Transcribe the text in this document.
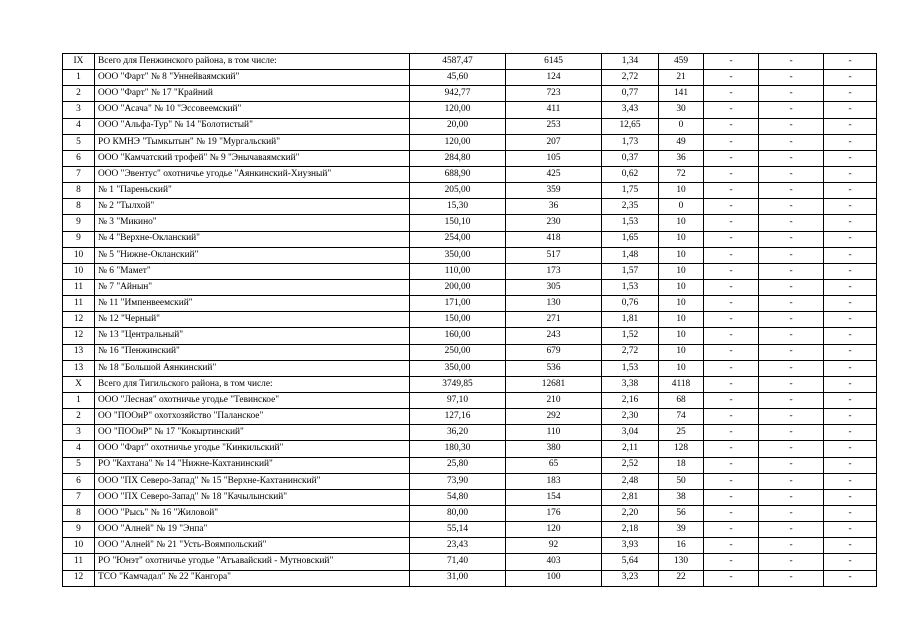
IX	Всего для Пенжинского района, в том числе:	4587,47	6145	1,34	459	-	-	-
1	ООО "Фарт" № 8 "Уннейваямский"	45,60	124	2,72	21	-	-	-
2	ООО "Фарт" № 17 "Крайний	942,77	723	0,77	141	-	-	-
3	ООО "Асача" № 10 "Эссовеемский"	120,00	411	3,43	30	-	-	-
4	ООО "Альфа-Тур" № 14 "Болотистый"	20,00	253	12,65	0	-	-	-
5	РО КМНЭ "Тымкытын" № 19 "Мургальский"	120,00	207	1,73	49	-	-	-
6	ООО "Камчатский трофей" № 9 "Энычаваямский"	284,80	105	0,37	36	-	-	-
7	ООО "Эвентус" охотничье угодье "Аянкинский-Хиузный"	688,90	425	0,62	72	-	-	-
8	№ 1 "Пареньский"	205,00	359	1,75	10	-	-	-
8	№ 2 "Тылхой"	15,30	36	2,35	0	-	-	-
9	№ 3 "Микино"	150,10	230	1,53	10	-	-	-
9	№ 4 "Верхне-Окланский"	254,00	418	1,65	10	-	-	-
10	№ 5 "Нижне-Окланский"	350,00	517	1,48	10	-	-	-
10	№ 6 "Мамет"	110,00	173	1,57	10	-	-	-
11	№ 7 "Айнын"	200,00	305	1,53	10	-	-	-
11	№ 11 "Импенвеемский"	171,00	130	0,76	10	-	-	-
12	№ 12 "Черный"	150,00	271	1,81	10	-	-	-
12	№ 13 "Центральный"	160,00	243	1,52	10	-	-	-
13	№ 16 "Пенжинский"	250,00	679	2,72	10	-	-	-
13	№ 18 "Большой Аянкинский"	350,00	536	1,53	10	-	-	-
X	Всего для Тигильского района, в том числе:	3749,85	12681	3,38	4118	-	-	-
1	ООО "Лесная" охотничье угодье "Тевинское"	97,10	210	2,16	68	-	-	-
2	ОО "ПООиР" охотхозяйство "Паланское"	127,16	292	2,30	74	-	-	-
3	ОО "ПООиР" № 17 "Кокыртинский"	36,20	110	3,04	25	-	-	-
4	ООО "Фарт" охотничье угодье "Кинкильский"	180,30	380	2,11	128	-	-	-
5	РО "Кахтана" № 14 "Нижне-Кахтанинский"	25,80	65	2,52	18	-	-	-
6	ООО "ПХ Северо-Запад" № 15 "Верхне-Кахтанинский"	73,90	183	2,48	50	-	-	-
7	ООО "ПХ Северо-Запад" № 18 "Качылынский"	54,80	154	2,81	38	-	-	-
8	ООО "Рысь" № 16 "Жиловой"	80,00	176	2,20	56	-	-	-
9	ООО "Алней" № 19 "Энпа"	55,14	120	2,18	39	-	-	-
10	ООО "Алней" № 21 "Усть-Воямпольский"	23,43	92	3,93	16	-	-	-
11	РО "Юнэт" охотничье угодье "Атъавайский - Мутновский"	71,40	403	5,64	130	-	-	-
12	ТСО "Камчадал" № 22 "Кангора"	31,00	100	3,23	22	-	-	-
